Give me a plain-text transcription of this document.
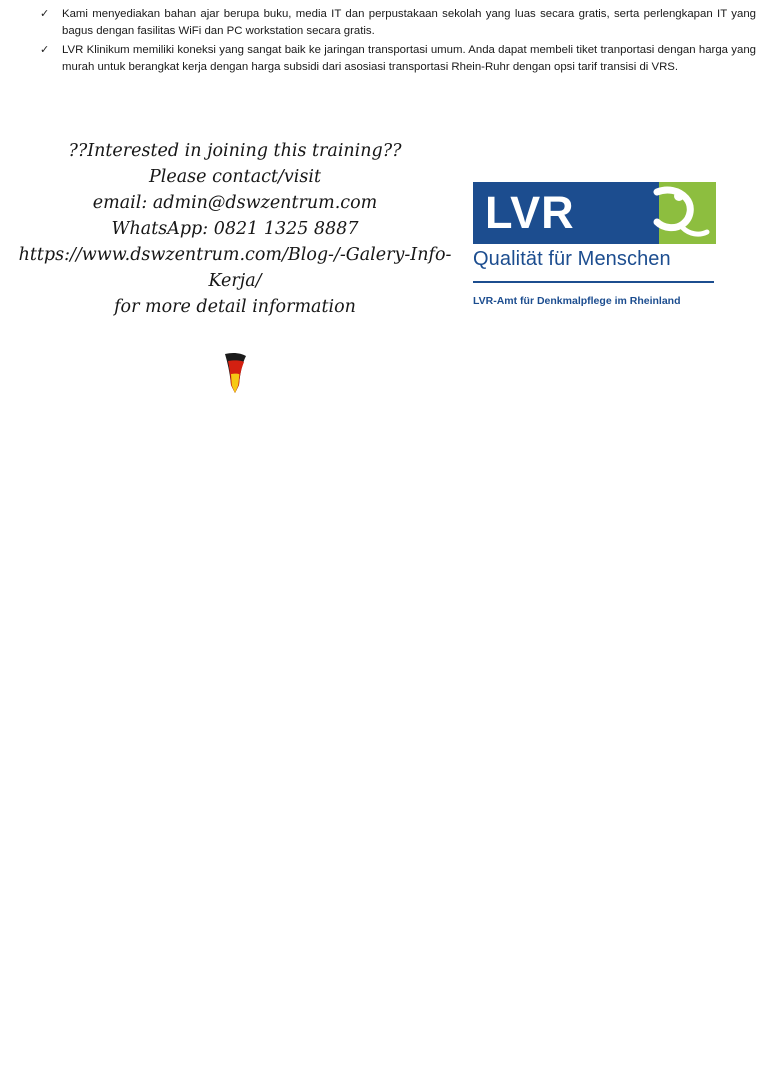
✓	Kami menyediakan bahan ajar berupa buku, media IT dan perpustakaan sekolah yang luas secara gratis, serta perlengkapan IT yang bagus dengan fasilitas WiFi dan PC workstation secara gratis.
✓	LVR Klinikum memiliki koneksi yang sangat baik ke jaringan transportasi umum. Anda dapat membeli tiket tranportasi dengan harga yang murah untuk berangkat kerja dengan harga subsidi dari asosiasi transportasi Rhein-Ruhr dengan opsi tarif transisi di VRS.
??Interested in joining this training??
Please contact/visit
email: admin@dswzentrum.com
WhatsApp: 0821 1325 8887
https://www.dswzentrum.com/Blog-/-Galery-Info-Kerja/
for more detail information
LVR
Qualität für Menschen
LVR-Amt für Denkmalpflege im Rheinland
